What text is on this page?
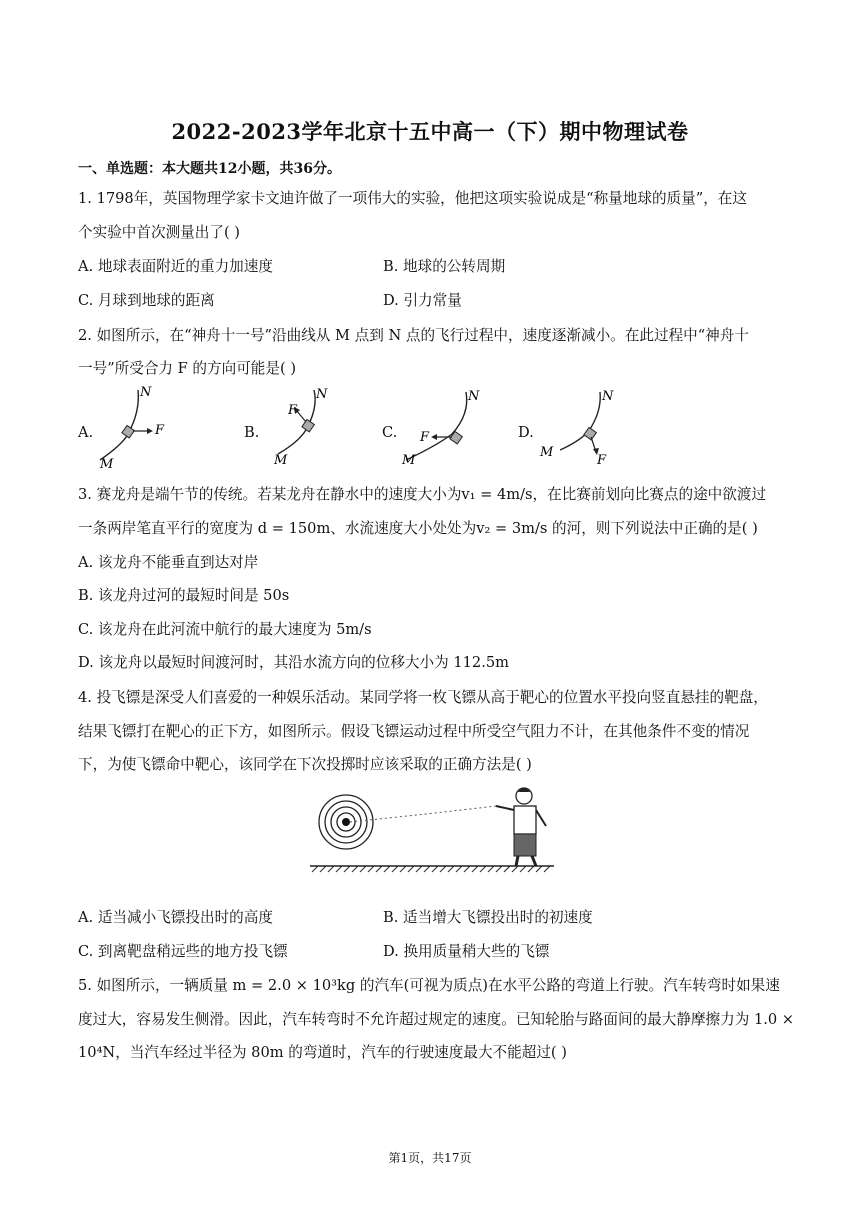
2022-2023学年北京十五中高一（下）期中物理试卷
一、单选题：本大题共12小题，共36分。
1. 1798年，英国物理学家卡文迪许做了一项伟大的实验，他把这项实验说成是“称量地球的质量”，在这
个实验中首次测量出了( )
A. 地球表面附近的重力加速度	B. 地球的公转周期
C. 月球到地球的距离	D. 引力常量
2. 如图所示，在“神舟十一号”沿曲线从 M 点到 N 点的飞行过程中，速度逐渐减小。在此过程中“神舟十
一号”所受合力 F 的方向可能是( )
A.	B.	C.	D.
N
F
M
N
F
M
N
F
M
N
F
M
3. 赛龙舟是端午节的传统。若某龙舟在静水中的速度大小为v₁ = 4m/s，在比赛前划向比赛点的途中欲渡过
一条两岸笔直平行的宽度为 d = 150m、水流速度大小处处为v₂ = 3m/s 的河，则下列说法中正确的是( )
A. 该龙舟不能垂直到达对岸
B. 该龙舟过河的最短时间是 50s
C. 该龙舟在此河流中航行的最大速度为 5m/s
D. 该龙舟以最短时间渡河时，其沿水流方向的位移大小为 112.5m
4. 投飞镖是深受人们喜爱的一种娱乐活动。某同学将一枚飞镖从高于靶心的位置水平投向竖直悬挂的靶盘，
结果飞镖打在靶心的正下方，如图所示。假设飞镖运动过程中所受空气阻力不计，在其他条件不变的情况
下，为使飞镖命中靶心，该同学在下次投掷时应该采取的正确方法是( )
A. 适当减小飞镖投出时的高度	B. 适当增大飞镖投出时的初速度
C. 到离靶盘稍远些的地方投飞镖	D. 换用质量稍大些的飞镖
5. 如图所示，一辆质量 m = 2.0 × 10³kg 的汽车(可视为质点)在水平公路的弯道上行驶。汽车转弯时如果速
度过大，容易发生侧滑。因此，汽车转弯时不允许超过规定的速度。已知轮胎与路面间的最大静摩擦力为 1.0 ×
10⁴N，当汽车经过半径为 80m 的弯道时，汽车的行驶速度最大不能超过( )
第1页，共17页
